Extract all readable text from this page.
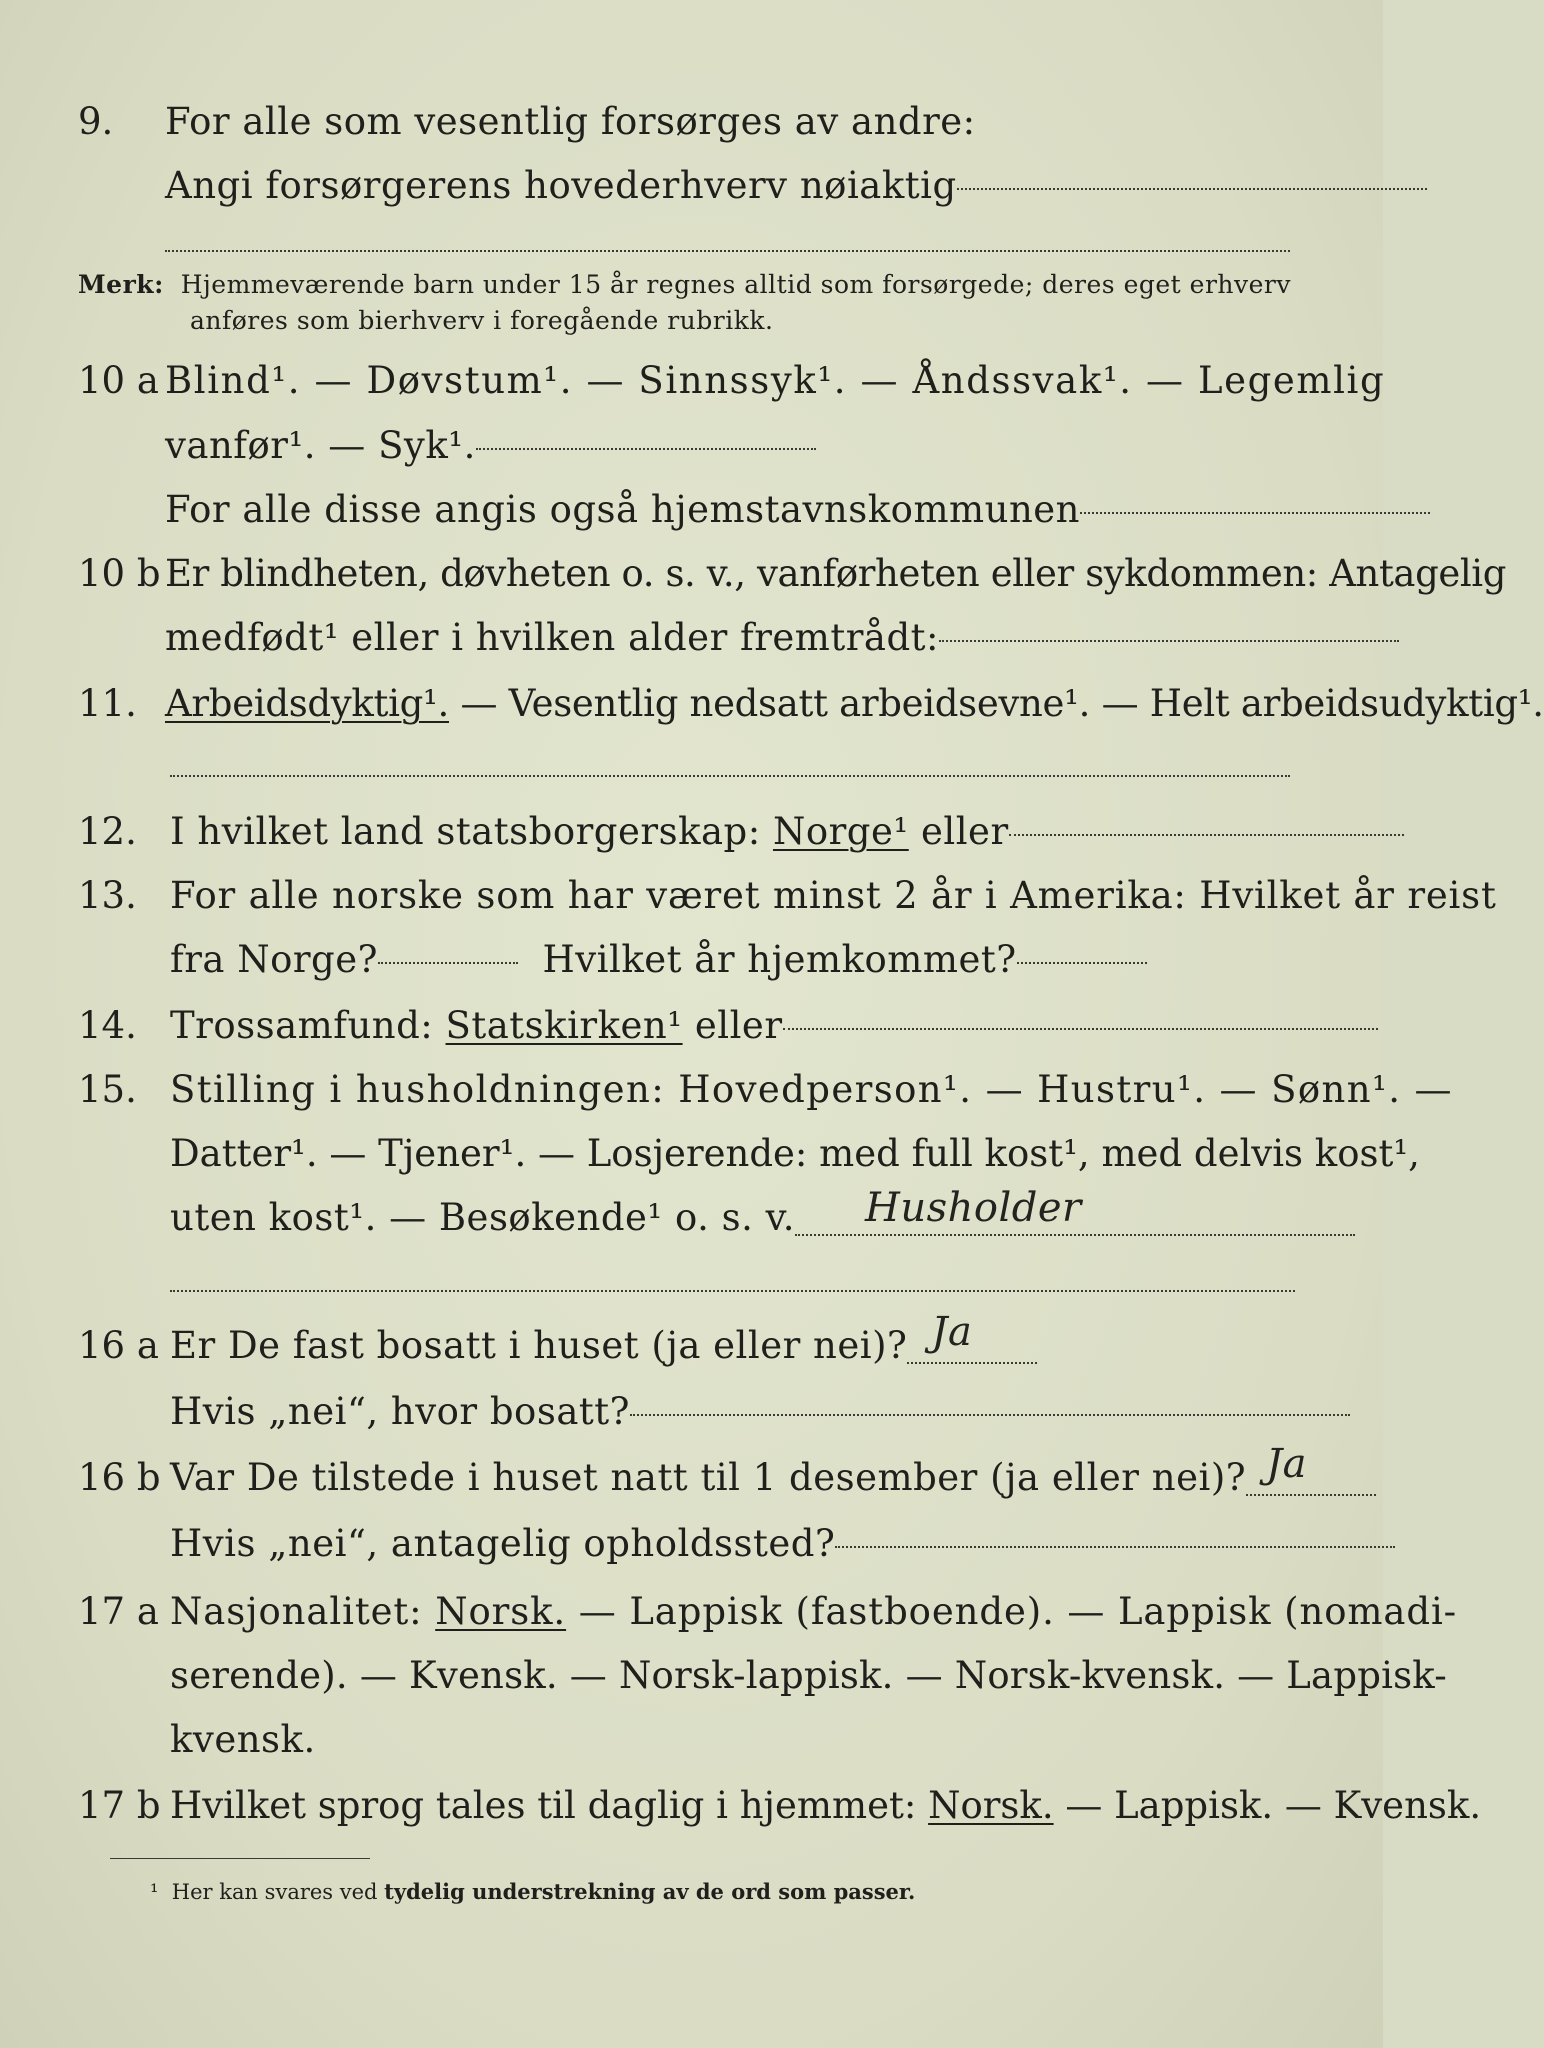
9. For alle som vesentlig forsørges av andre:
Angi forsørgerens hovederhverv nøiaktig
Merk: Hjemmeværende barn under 15 år regnes alltid som forsørgede; deres eget erhverv
anføres som bierhverv i foregående rubrikk.
10 a Blind¹. — Døvstum¹. — Sinnssyk¹. — Åndssvak¹. — Legemlig
vanfør¹. — Syk¹.
For alle disse angis også hjemstavnskommunen
10 b Er blindheten, døvheten o. s. v., vanførheten eller sykdommen: Antagelig
medfødt¹ eller i hvilken alder fremtrådt:
11. Arbeidsdyktig¹. — Vesentlig nedsatt arbeidsevne¹. — Helt arbeidsudyktig¹.
12. I hvilket land statsborgerskap: Norge¹ eller
13. For alle norske som har været minst 2 år i Amerika: Hvilket år reist
fra Norge?	Hvilket år hjemkommet?
14. Trossamfund: Statskirken¹ eller
15. Stilling i husholdningen: Hovedperson¹. — Hustru¹. — Sønn¹. —
Datter¹. — Tjener¹. — Losjerende: med full kost¹, med delvis kost¹,
uten kost¹. — Besøkende¹ o. s. v. Husholder
16 a Er De fast bosatt i huset (ja eller nei)? Ja
Hvis „nei“, hvor bosatt?
16 b Var De tilstede i huset natt til 1 desember (ja eller nei)? Ja
Hvis „nei“, antagelig opholdssted?
17 a Nasjonalitet: Norsk. — Lappisk (fastboende). — Lappisk (nomadi-
serende). — Kvensk. — Norsk-lappisk. — Norsk-kvensk. — Lappisk-
kvensk.
17 b Hvilket sprog tales til daglig i hjemmet: Norsk. — Lappisk. — Kvensk.
¹ Her kan svares ved tydelig understrekning av de ord som passer.
